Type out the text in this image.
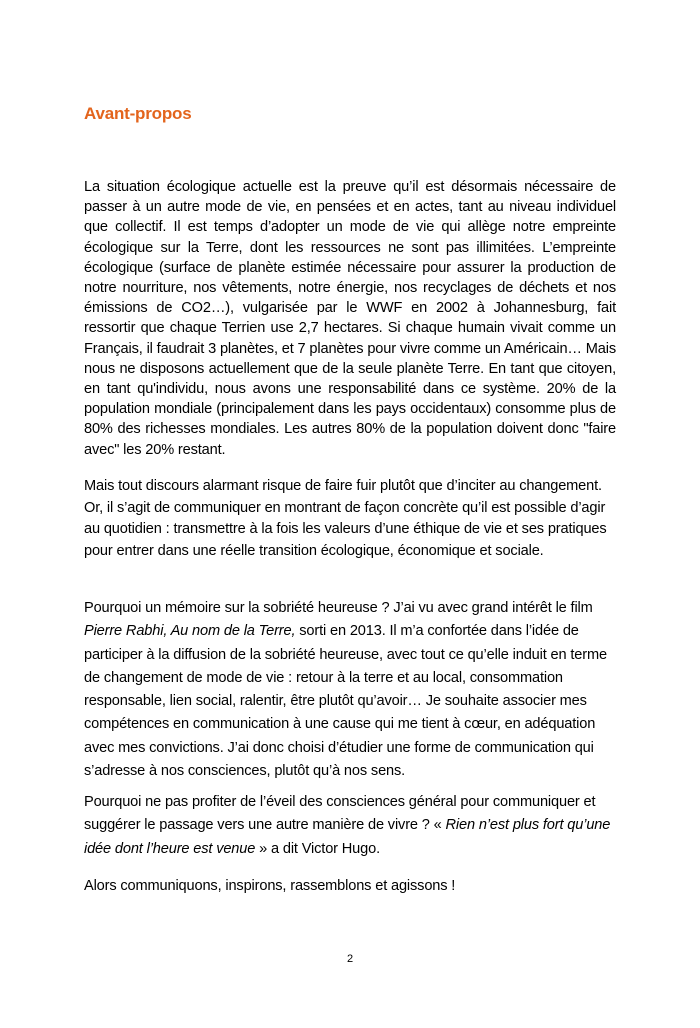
Avant-propos

La situation écologique actuelle est la preuve qu’il est désormais nécessaire de passer à un autre mode de vie, en pensées et en actes, tant au niveau individuel que collectif. Il est temps d’adopter un mode de vie qui allège notre empreinte écologique sur la Terre, dont les ressources ne sont pas illimitées. L’empreinte écologique (surface de planète estimée nécessaire pour assurer la production de notre nourriture, nos vêtements, notre énergie, nos recyclages de déchets et nos émissions de CO2…), vulgarisée par le WWF en 2002 à Johannesburg, fait ressortir que chaque Terrien use 2,7 hectares. Si chaque humain vivait comme un Français, il faudrait 3 planètes, et 7 planètes pour vivre comme un Américain… Mais nous ne disposons actuellement que de la seule planète Terre. En tant que citoyen, en tant qu'individu, nous avons une responsabilité dans ce système. 20% de la population mondiale (principalement dans les pays occidentaux) consomme plus de 80% des richesses mondiales. Les autres 80% de la population doivent donc "faire avec" les 20% restant.

Mais tout discours alarmant risque de faire fuir plutôt que d’inciter au changement. Or, il s’agit de communiquer en montrant de façon concrète qu’il est possible d’agir au quotidien : transmettre à la fois les valeurs d’une éthique de vie et ses pratiques pour entrer dans une réelle transition écologique, économique et sociale.

Pourquoi un mémoire sur la sobriété heureuse ? J’ai vu avec grand intérêt le film Pierre Rabhi, Au nom de la Terre, sorti en 2013. Il m’a confortée dans l’idée de participer à la diffusion de la sobriété heureuse, avec tout ce qu’elle induit en terme de changement de mode de vie : retour à la terre et au local, consommation responsable, lien social, ralentir, être plutôt qu’avoir… Je souhaite associer mes compétences en communication à une cause qui me tient à cœur, en adéquation avec mes convictions. J’ai donc choisi d’étudier une forme de communication qui s’adresse à nos consciences, plutôt qu’à nos sens.

Pourquoi ne pas profiter de l’éveil des consciences général pour communiquer et suggérer le passage vers une autre manière de vivre ? « Rien n’est plus fort qu’une idée dont l’heure est venue » a dit Victor Hugo.

Alors communiquons, inspirons, rassemblons et agissons !

2
